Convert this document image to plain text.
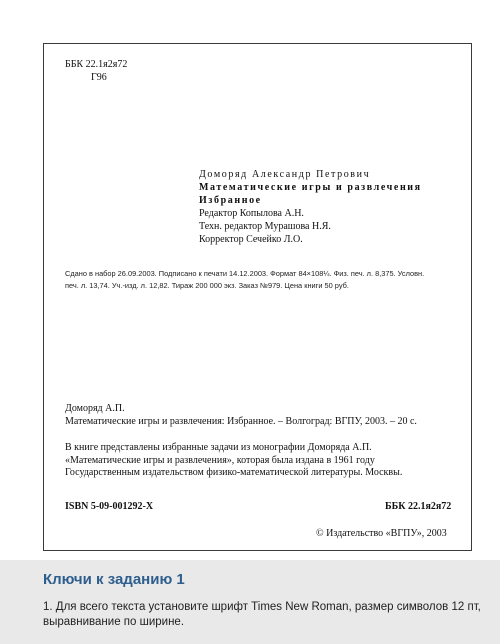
ББК 22.1я2я72
Г96
Доморяд Александр Петрович
Математические игры и развлечения
Избранное
Редактор Копылова А.Н.
Техн. редактор Мурашова Н.Я.
Корректор Сечейко Л.О.
Сдано в набор 26.09.2003. Подписано к печати 14.12.2003. Формат 84×108¼. Физ. печ. л. 8,375. Условн.
печ. л. 13,74. Уч.-изд. л. 12,82. Тираж 200 000 экз. Заказ №979. Цена книги 50 руб.
Доморяд А.П.
Математические игры и развлечения: Избранное. – Волгоград: ВГПУ, 2003. – 20 с.
В книге представлены избранные задачи из монографии Доморяда А.П.
«Математические игры и развлечения», которая была издана в 1961 году
Государственным издательством физико-математической литературы. Москвы.
ISBN 5-09-001292-X	ББК 22.1я2я72
© Издательство «ВГПУ», 2003
Ключи к заданию 1
1. Для всего текста установите шрифт Times New Roman, размер символов 12 пт,
выравнивание по ширине.
